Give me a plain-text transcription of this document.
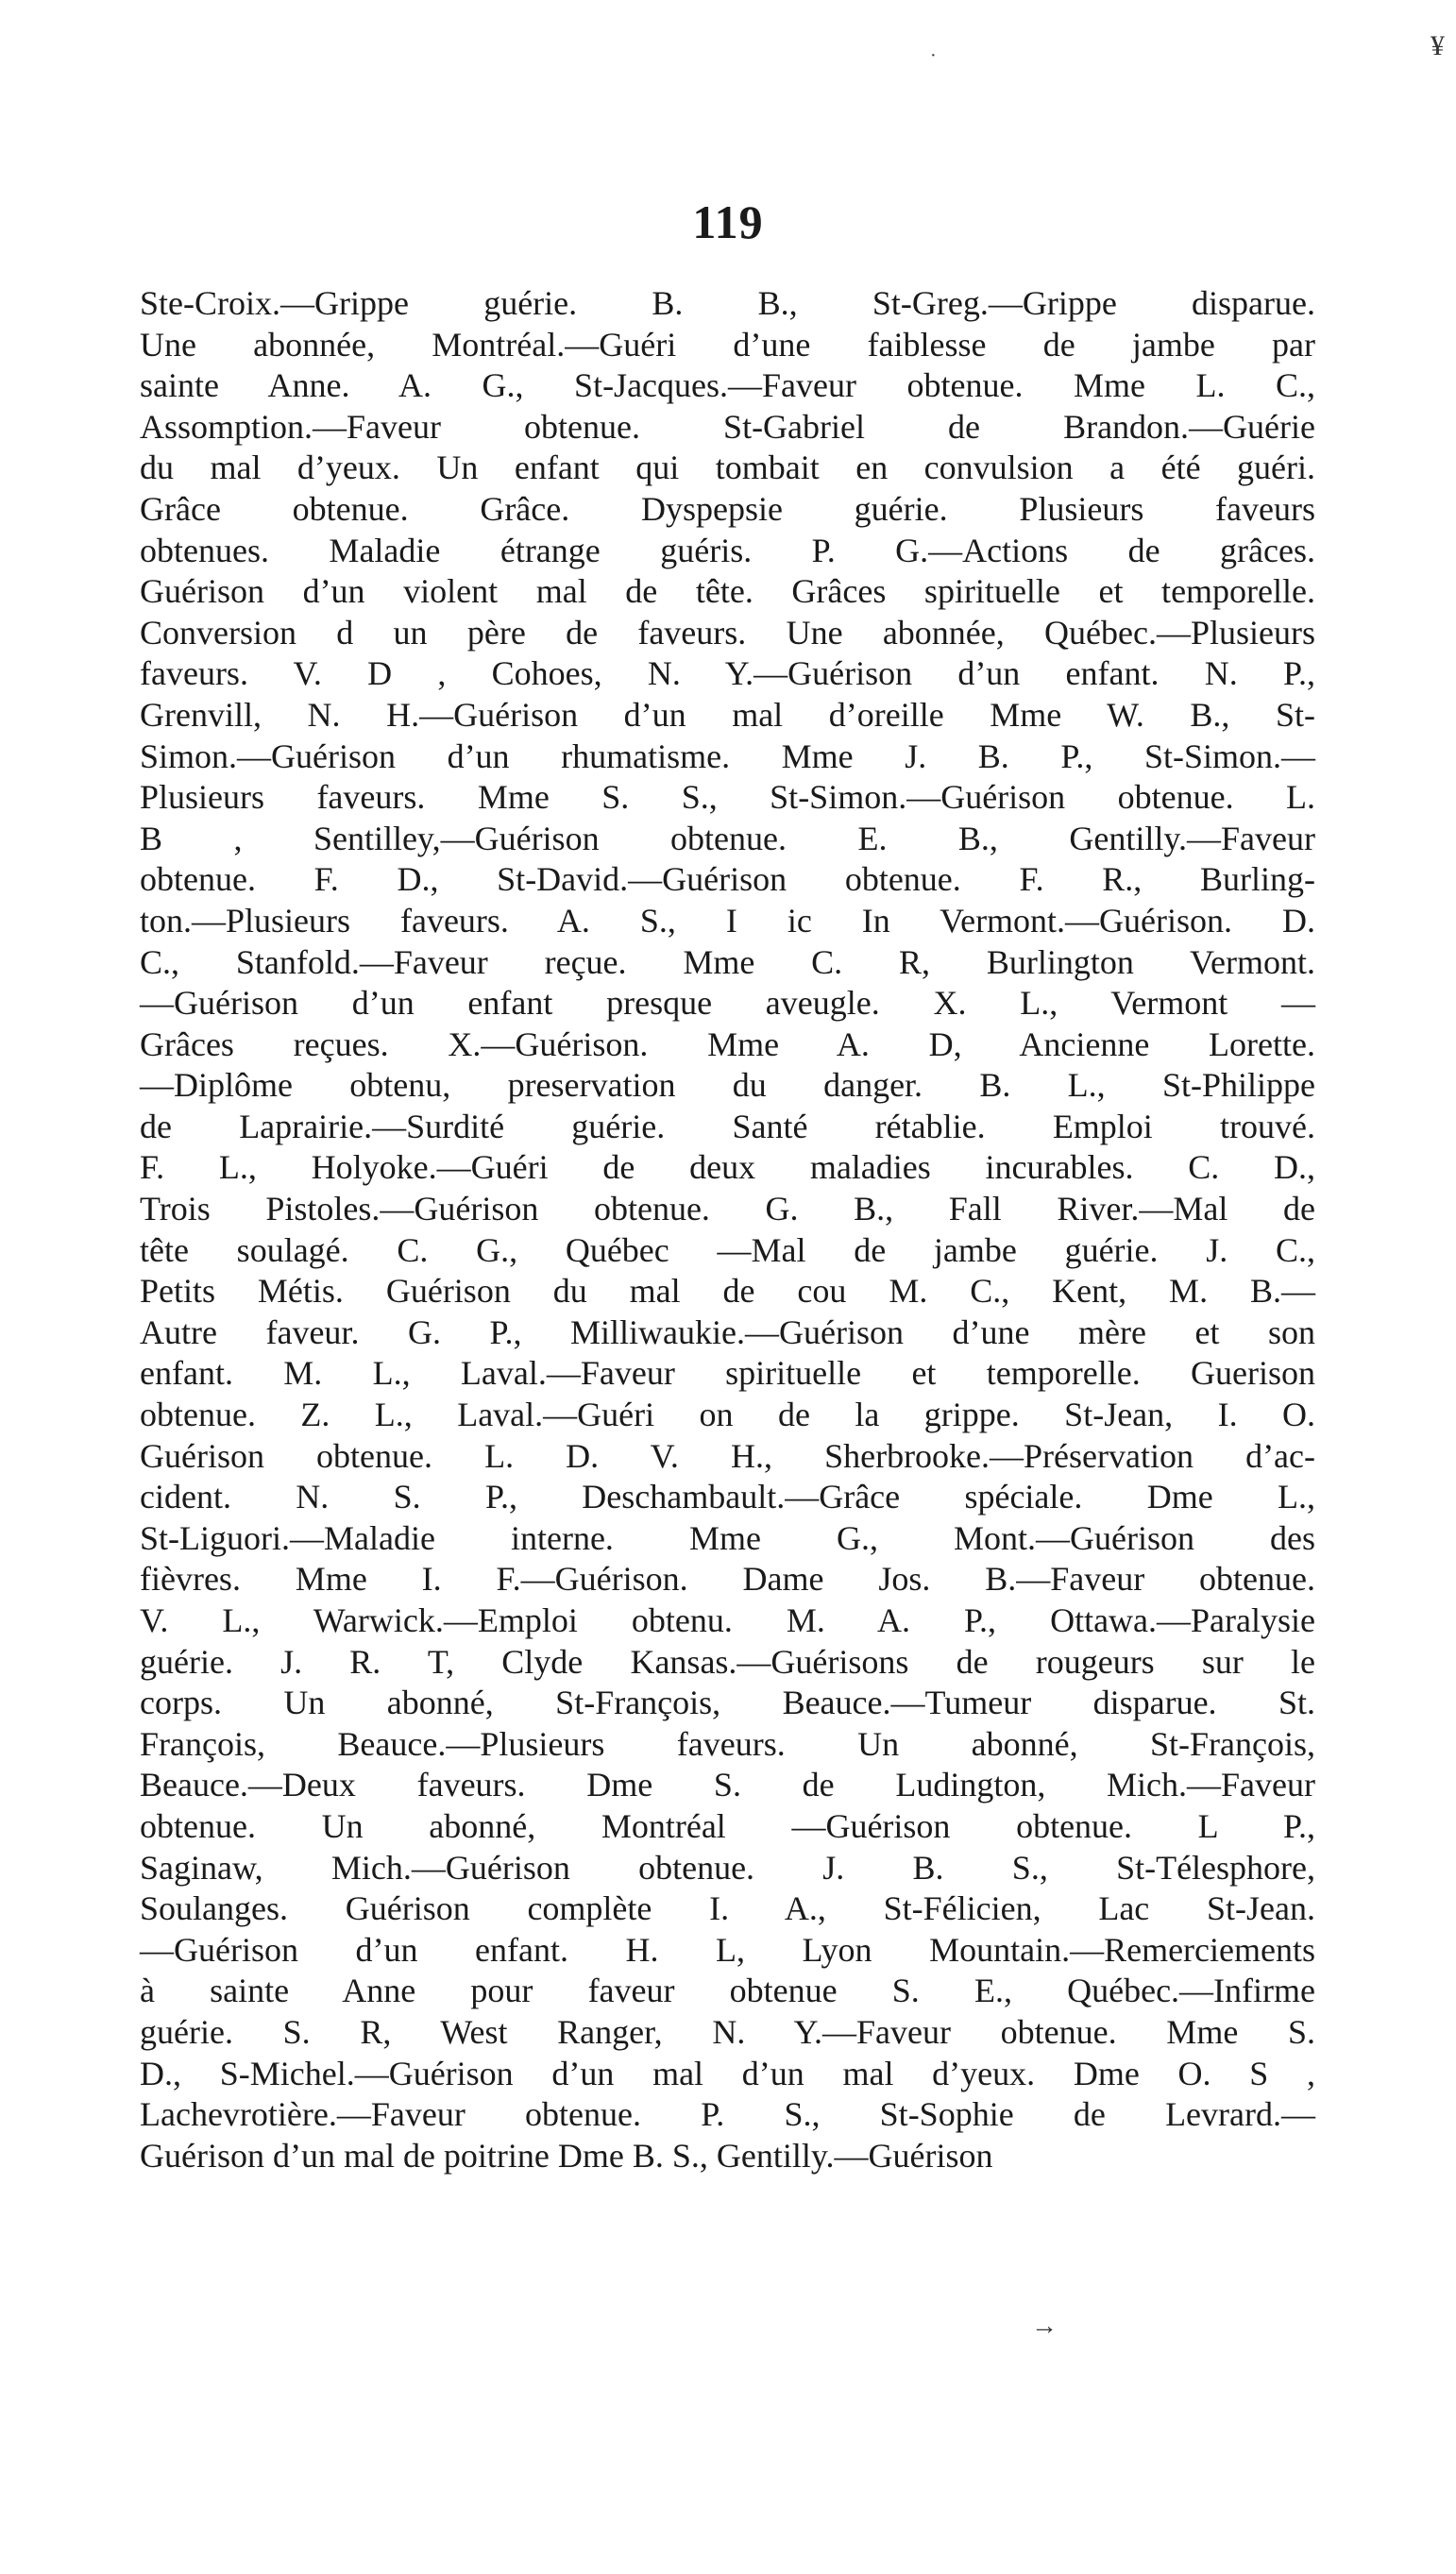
¥
·
119
Ste-Croix.—Grippe guérie. B. B., St-Greg.—Grippe disparue.
Une abonnée, Montréal.—Guéri d’une faiblesse de jambe par
sainte Anne. A. G., St-Jacques.—Faveur obtenue. Mme L. C.,
Assomption.—Faveur obtenue. St-Gabriel de Brandon.—Guérie
du mal d’yeux. Un enfant qui tombait en convulsion a été guéri.
Grâce obtenue. Grâce. Dyspepsie guérie. Plusieurs faveurs
obtenues. Maladie étrange guéris. P. G.—Actions de grâces.
Guérison d’un violent mal de tête. Grâces spirituelle et temporelle.
Conversion d un père de faveurs. Une abonnée, Québec.—Plusieurs
faveurs. V. D , Cohoes, N. Y.—Guérison d’un enfant. N. P.,
Grenvill, N. H.—Guérison d’un mal d’oreille Mme W. B., St-
Simon.—Guérison d’un rhumatisme. Mme J. B. P., St-Simon.—
Plusieurs faveurs. Mme S. S., St-Simon.—Guérison obtenue. L.
B , Sentilley,—Guérison obtenue. E. B., Gentilly.—Faveur
obtenue. F. D., St-David.—Guérison obtenue. F. R., Burling-
ton.—Plusieurs faveurs. A. S., I ic In Vermont.—Guérison. D.
C., Stanfold.—Faveur reçue. Mme C. R, Burlington Vermont.
—Guérison d’un enfant presque aveugle. X. L., Vermont —
Grâces reçues. X.—Guérison. Mme A. D, Ancienne Lorette.
—Diplôme obtenu, preservation du danger. B. L., St-Philippe
de Laprairie.—Surdité guérie. Santé rétablie. Emploi trouvé.
F. L., Holyoke.—Guéri de deux maladies incurables. C. D.,
Trois Pistoles.—Guérison obtenue. G. B., Fall River.—Mal de
tête soulagé. C. G., Québec —Mal de jambe guérie. J. C.,
Petits Métis. Guérison du mal de cou M. C., Kent, M. B.—
Autre faveur. G. P., Milliwaukie.—Guérison d’une mère et son
enfant. M. L., Laval.—Faveur spirituelle et temporelle. Guerison
obtenue. Z. L., Laval.—Guéri on de la grippe. St-Jean, I. O.
Guérison obtenue. L. D. V. H., Sherbrooke.—Préservation d’ac-
cident. N. S. P., Deschambault.—Grâce spéciale. Dme L.,
St-Liguori.—Maladie interne. Mme G., Mont.—Guérison des
fièvres. Mme I. F.—Guérison. Dame Jos. B.—Faveur obtenue.
V. L., Warwick.—Emploi obtenu. M. A. P., Ottawa.—Paralysie
guérie. J. R. T, Clyde Kansas.—Guérisons de rougeurs sur le
corps. Un abonné, St-François, Beauce.—Tumeur disparue. St.
François, Beauce.—Plusieurs faveurs. Un abonné, St-François,
Beauce.—Deux faveurs. Dme S. de Ludington, Mich.—Faveur
obtenue. Un abonné, Montréal —Guérison obtenue. L P.,
Saginaw, Mich.—Guérison obtenue. J. B. S., St-Télesphore,
Soulanges. Guérison complète I. A., St-Félicien, Lac St-Jean.
—Guérison d’un enfant. H. L, Lyon Mountain.—Remerciements
à sainte Anne pour faveur obtenue S. E., Québec.—Infirme
guérie. S. R, West Ranger, N. Y.—Faveur obtenue. Mme S.
D., S-Michel.—Guérison d’un mal d’un mal d’yeux. Dme O. S ,
Lachevrotière.—Faveur obtenue. P. S., St-Sophie de Levrard.—
Guérison d’un mal de poitrine Dme B. S., Gentilly.—Guérison
→
